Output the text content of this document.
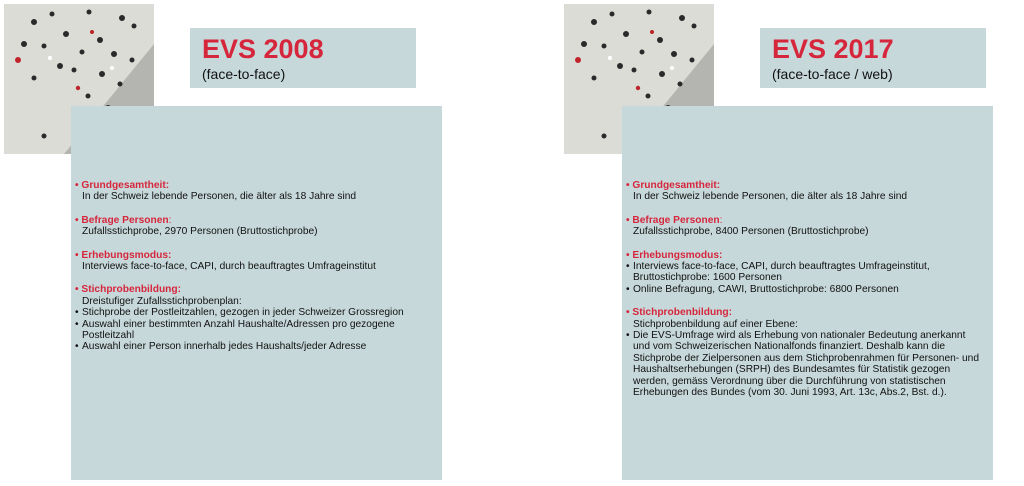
EVS 2008
(face-to-face)
• Grundgesamtheit:
In der Schweiz lebende Personen, die älter als 18 Jahre sind
• Befrage Personen:
Zufallsstichprobe, 2970 Personen (Bruttostichprobe)
• Erhebungsmodus:
Interviews face-to-face, CAPI, durch beauftragtes Umfrageinstitut
• Stichprobenbildung:
Dreistufiger Zufallsstichprobenplan:
• Stichprobe der Postleitzahlen, gezogen in jeder Schweizer Grossregion
• Auswahl einer bestimmten Anzahl Haushalte/Adressen pro gezogene Postleitzahl
• Auswahl einer Person innerhalb jedes Haushalts/jeder Adresse
EVS 2017
(face-to-face / web)
• Grundgesamtheit:
In der Schweiz lebende Personen, die älter als 18 Jahre sind
• Befrage Personen:
Zufallsstichprobe, 8400 Personen (Bruttostichprobe)
• Erhebungsmodus:
• Interviews face-to-face, CAPI, durch beauftragtes Umfrageinstitut, Bruttostichprobe: 1600 Personen
• Online Befragung, CAWI, Bruttostichprobe: 6800 Personen
• Stichprobenbildung:
Stichprobenbildung auf einer Ebene:
• Die EVS-Umfrage wird als Erhebung von nationaler Bedeutung anerkannt und vom Schweizerischen Nationalfonds finanziert. Deshalb kann die Stichprobe der Zielpersonen aus dem Stichprobenrahmen für Personen- und Haushaltserhebungen (SRPH) des Bundesamtes für Statistik gezogen werden, gemäss Verordnung über die Durchführung von statistischen Erhebungen des Bundes (vom 30. Juni 1993, Art. 13c, Abs.2, Bst. d.).
